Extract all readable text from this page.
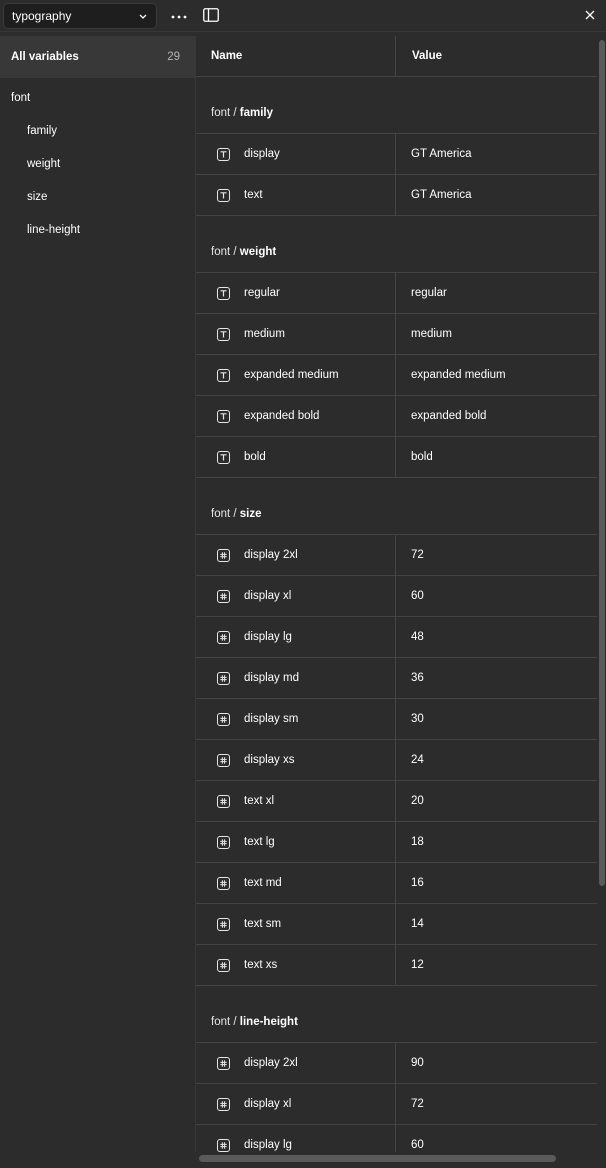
typography
All variables	29
font
family
weight
size
line-height
Name	Value
font / family
display	GT America
text	GT America
font / weight
regular	regular
medium	medium
expanded medium	expanded medium
expanded bold	expanded bold
bold	bold
font / size
display 2xl	72
display xl	60
display lg	48
display md	36
display sm	30
display xs	24
text xl	20
text lg	18
text md	16
text sm	14
text xs	12
font / line-height
display 2xl	90
display xl	72
display lg	60
